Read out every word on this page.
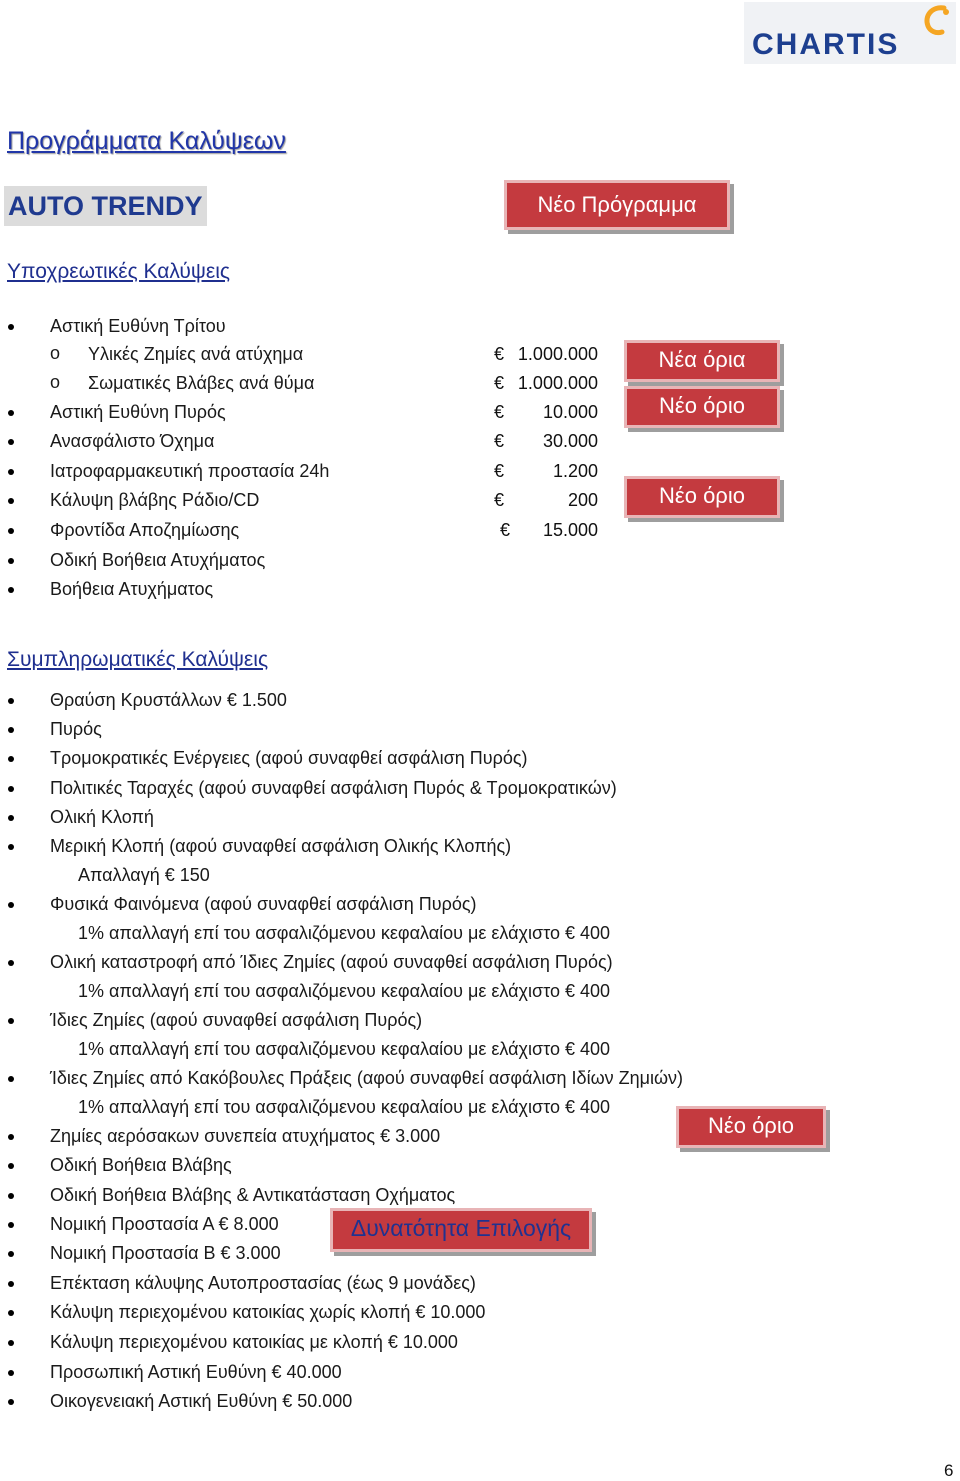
CHARTIS
Προγράμματα Καλύψεων
AUTO TRENDY	Νέο Πρόγραμμα
Υποχρεωτικές Καλύψεις
Αστική Ευθύνη Τρίτου
o Υλικές Ζημίες ανά ατύχημα	€ 1.000.000
o Σωματικές Βλάβες ανά θύμα	€ 1.000.000
Αστική Ευθύνη Πυρός	€	10.000
Ανασφάλιστο Όχημα	€	30.000
Ιατροφαρμακευτική προστασία 24h	€	1.200
Κάλυψη βλάβης Ράδιο/CD	€	200
Φροντίδα Αποζημίωσης	€	15.000
Οδική Βοήθεια Ατυχήματος
Βοήθεια Ατυχήματος
Νέα όρια
Νέο όριο
Νέο όριο
Συμπληρωματικές Καλύψεις
Θραύση Κρυστάλλων € 1.500
Πυρός
Τρομοκρατικές Ενέργειες (αφού συναφθεί ασφάλιση Πυρός)
Πολιτικές Ταραχές (αφού συναφθεί ασφάλιση Πυρός & Τρομοκρατικών)
Ολική Κλοπή
Μερική Κλοπή (αφού συναφθεί ασφάλιση Ολικής Κλοπής)
Απαλλαγή € 150
Φυσικά Φαινόμενα (αφού συναφθεί ασφάλιση Πυρός)
1% απαλλαγή επί του ασφαλιζόμενου κεφαλαίου με ελάχιστο € 400
Ολική καταστροφή από Ίδιες Ζημίες (αφού συναφθεί ασφάλιση Πυρός)
1% απαλλαγή επί του ασφαλιζόμενου κεφαλαίου με ελάχιστο € 400
Ίδιες Ζημίες (αφού συναφθεί ασφάλιση Πυρός)
1% απαλλαγή επί του ασφαλιζόμενου κεφαλαίου με ελάχιστο € 400
Ίδιες Ζημίες από Κακόβουλες Πράξεις (αφού συναφθεί ασφάλιση Ιδίων Ζημιών)
1% απαλλαγή επί του ασφαλιζόμενου κεφαλαίου με ελάχιστο € 400
Ζημίες αερόσακων συνεπεία ατυχήματος € 3.000
Οδική Βοήθεια Βλάβης
Οδική Βοήθεια Βλάβης & Αντικατάσταση Οχήματος
Νομική Προστασία Α € 8.000
Νομική Προστασία Β € 3.000
Επέκταση κάλυψης Αυτοπροστασίας (έως 9 μονάδες)
Κάλυψη περιεχομένου κατοικίας χωρίς κλοπή € 10.000
Κάλυψη περιεχομένου κατοικίας με κλοπή € 10.000
Προσωπική Αστική Ευθύνη € 40.000
Οικογενειακή Αστική Ευθύνη € 50.000
Νέο όριο
Δυνατότητα Επιλογής
6
